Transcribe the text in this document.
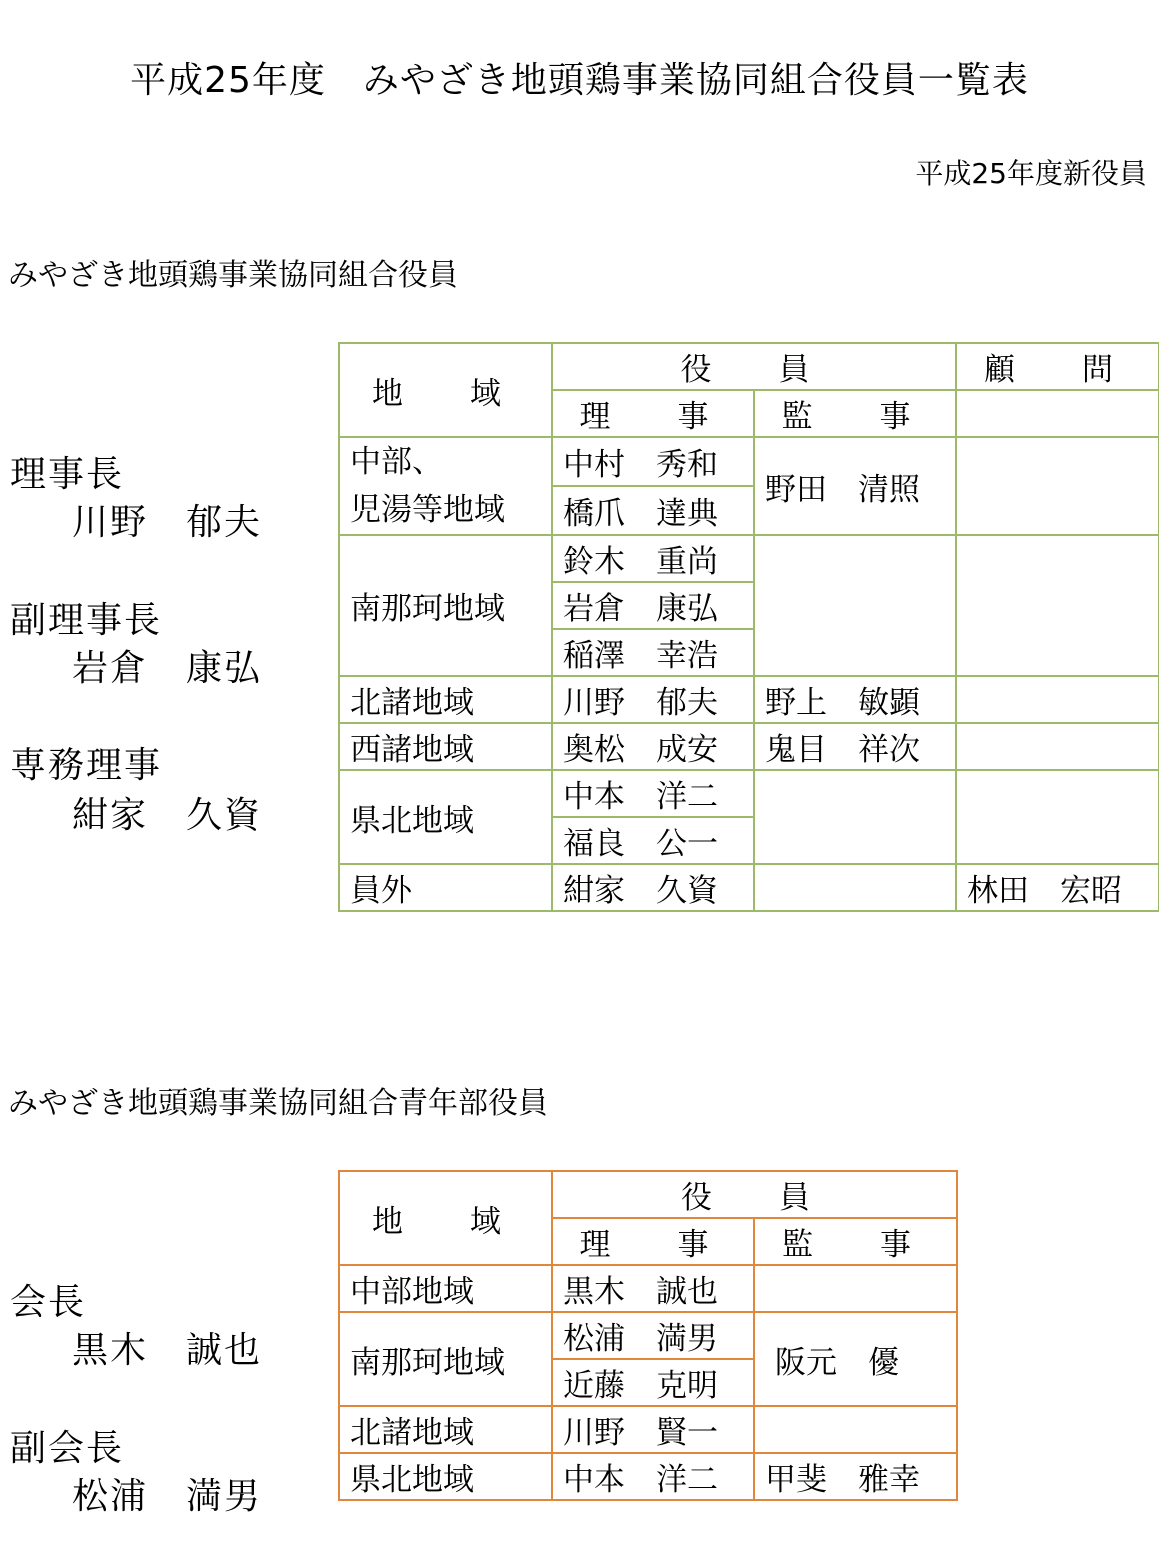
平成25年度　みやざき地頭鶏事業協同組合役員一覧表
平成25年度新役員
みやざき地頭鶏事業協同組合役員
理事長
川野　郁夫
副理事長
岩倉　康弘
専務理事
紺家　久資
地　域	役　員		顧　問
	理　事	監　事	
中部、
児湯等地域	中村　秀和	野田　清照	
	橋爪　達典		
南那珂地域	鈴木　重尚		
	岩倉　康弘		
	稲澤　幸浩		
北諸地域	川野　郁夫	野上　敏顕	
西諸地域	奥松　成安	鬼目　祥次	
県北地域	中本　洋二		
	福良　公一		
員外	紺家　久資		林田　宏昭
みやざき地頭鶏事業協同組合青年部役員
会長
黒木　誠也
副会長
松浦　満男
地　域	役　員	
	理　事	監　事
中部地域	黒木　誠也	
南那珂地域	松浦　満男	阪元　優
	近藤　克明	
北諸地域	川野　賢一	
県北地域	中本　洋二	甲斐　雅幸
